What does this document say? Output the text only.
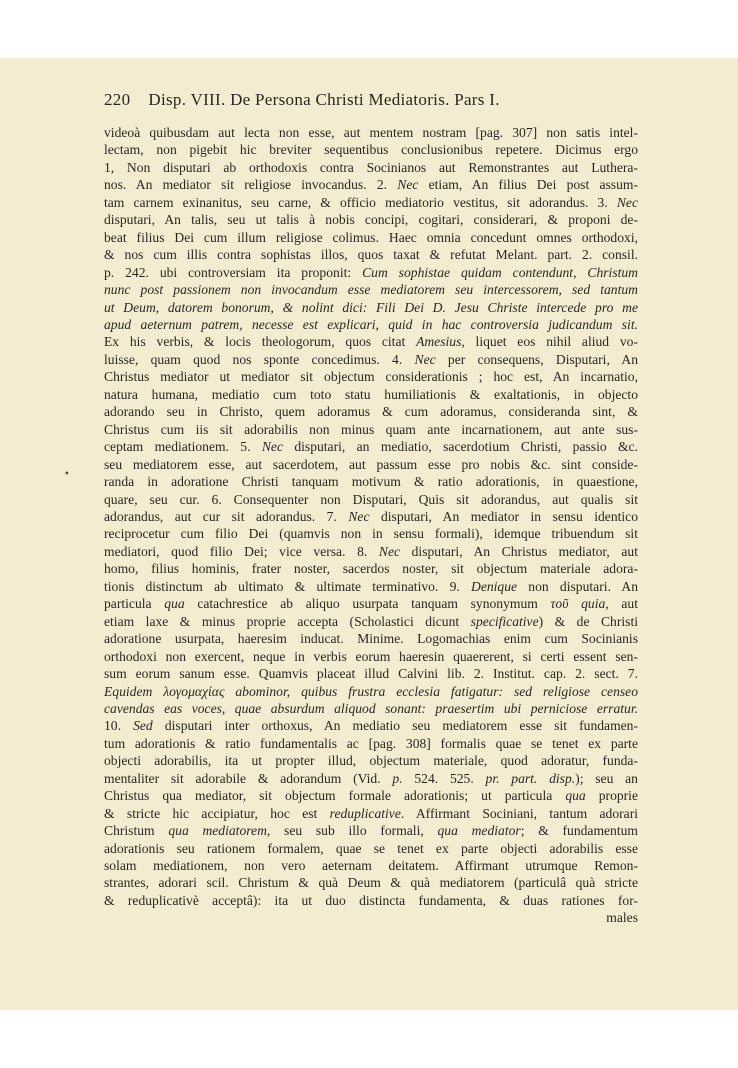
220 Disp. VIII. De Persona Christi Mediatoris. Pars I.
•
videoà quibusdam aut lecta non esse, aut mentem nostram [pag. 307] non satis intel-
lectam, non pigebit hic breviter sequentibus conclusionibus repetere. Dicimus ergo
1, Non disputari ab orthodoxis contra Socinianos aut Remonstrantes aut Luthera-
nos. An mediator sit religiose invocandus. 2. Nec etiam, An filius Dei post assum-
tam carnem exinanitus, seu carne, & officio mediatorio vestitus, sit adorandus. 3. Nec
disputari, An talis, seu ut talis à nobis concipi, cogitari, considerari, & proponi de-
beat filius Dei cum illum religiose colimus. Haec omnia concedunt omnes orthodoxi,
& nos cum illis contra sophistas illos, quos taxat & refutat Melant. part. 2. consil.
p. 242. ubi controversiam ita proponit: Cum sophistae quidam contendunt, Christum
nunc post passionem non invocandum esse mediatorem seu intercessorem, sed tantum
ut Deum, datorem bonorum, & nolint dici: Fili Dei D. Jesu Christe intercede pro me
apud aeternum patrem, necesse est explicari, quid in hac controversia judicandum sit.
Ex his verbis, & locis theologorum, quos citat Amesius, liquet eos nihil aliud vo-
luisse, quam quod nos sponte concedimus. 4. Nec per consequens, Disputari, An
Christus mediator ut mediator sit objectum considerationis ; hoc est, An incarnatio,
natura humana, mediatio cum toto statu humiliationis & exaltationis, in objecto
adorando seu in Christo, quem adoramus & cum adoramus, consideranda sint, &
Christus cum iis sit adorabilis non minus quam ante incarnationem, aut ante sus-
ceptam mediationem. 5. Nec disputari, an mediatio, sacerdotium Christi, passio &c.
seu mediatorem esse, aut sacerdotem, aut passum esse pro nobis &c. sint conside-
randa in adoratione Christi tanquam motivum & ratio adorationis, in quaestione,
quare, seu cur. 6. Consequenter non Disputari, Quis sit adorandus, aut qualis sit
adorandus, aut cur sit adorandus. 7. Nec disputari, An mediator in sensu identico
reciprocetur cum filio Dei (quamvis non in sensu formali), idemque tribuendum sit
mediatori, quod filio Dei; vice versa. 8. Nec disputari, An Christus mediator, aut
homo, filius hominis, frater noster, sacerdos noster, sit objectum materiale adora-
tionis distinctum ab ultimato & ultimate terminativo. 9. Denique non disputari. An
particula qua catachrestice ab aliquo usurpata tanquam synonymum τοῦ quia, aut
etiam laxe & minus proprie accepta (Scholastici dicunt specificative) & de Christi
adoratione usurpata, haeresim inducat. Minime. Logomachias enim cum Socinianis
orthodoxi non exercent, neque in verbis eorum haeresin quaererent, si certi essent sen-
sum eorum sanum esse. Quamvis placeat illud Calvini lib. 2. Institut. cap. 2. sect. 7.
Equidem λογομαχίας abominor, quibus frustra ecclesia fatigatur: sed religiose censeo
cavendas eas voces, quae absurdum aliquod sonant: praesertim ubi perniciose erratur.
10. Sed disputari inter orthoxus, An mediatio seu mediatorem esse sit fundamen-
tum adorationis & ratio fundamentalis ac [pag. 308] formalis quae se tenet ex parte
objecti adorabilis, ita ut propter illud, objectum materiale, quod adoratur, funda-
mentaliter sit adorabile & adorandum (Vid. p. 524. 525. pr. part. disp.); seu an
Christus qua mediator, sit objectum formale adorationis; ut particula qua proprie
& stricte hic accipiatur, hoc est reduplicative. Affirmant Sociniani, tantum adorari
Christum qua mediatorem, seu sub illo formali, qua mediator; & fundamentum
adorationis seu rationem formalem, quae se tenet ex parte objecti adorabilis esse
solam mediationem, non vero aeternam deitatem. Affirmant utrumque Remon-
strantes, adorari scil. Christum & quà Deum & quà mediatorem (particulâ quà stricte
& reduplicativè acceptâ): ita ut duo distincta fundamenta, & duas rationes for-
males
